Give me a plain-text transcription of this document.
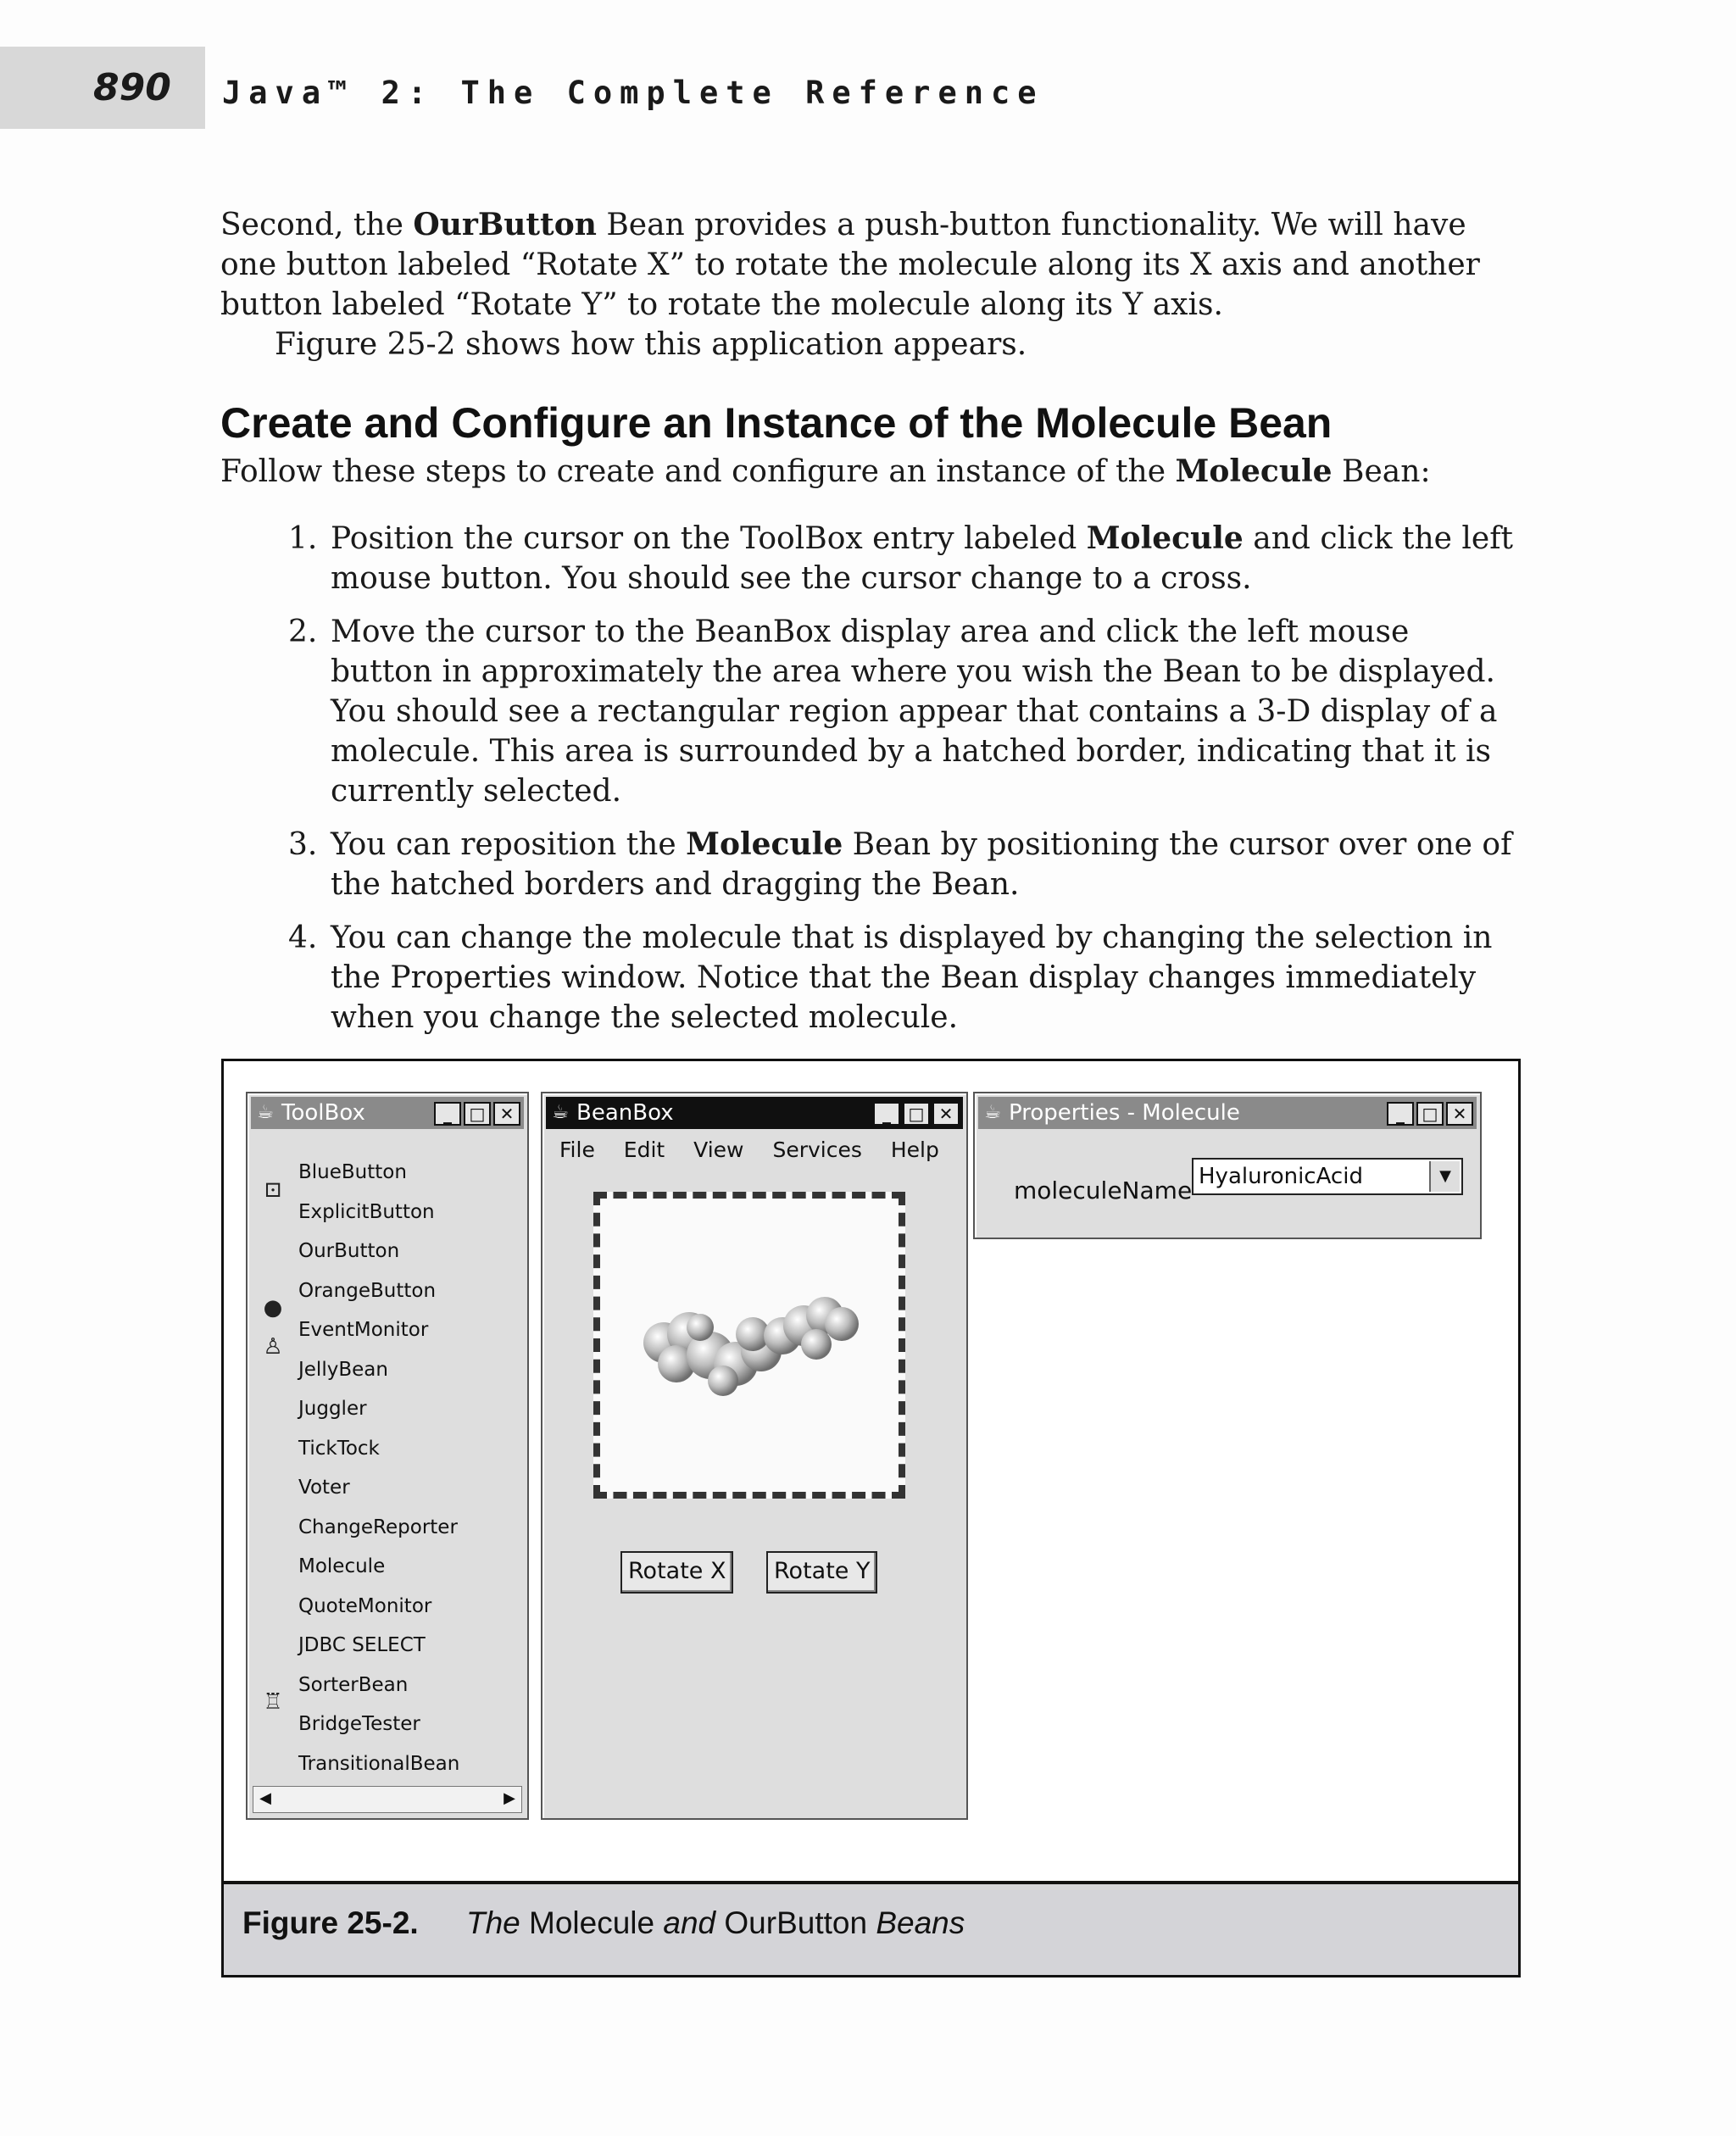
890 Java™ 2: The Complete Reference

Second, the OurButton Bean provides a push-button functionality. We will have one button labeled “Rotate X” to rotate the molecule along its X axis and another button labeled “Rotate Y” to rotate the molecule along its Y axis.

Figure 25-2 shows how this application appears.

Create and Configure an Instance of the Molecule Bean
Follow these steps to create and configure an instance of the Molecule Bean:
1. Position the cursor on the ToolBox entry labeled Molecule and click the left mouse button. You should see the cursor change to a cross.
2. Move the cursor to the BeanBox display area and click the left mouse button in approximately the area where you wish the Bean to be displayed. You should see a rectangular region appear that contains a 3-D display of a molecule. This area is surrounded by a hatched border, indicating that it is currently selected.
3. You can reposition the Molecule Bean by positioning the cursor over one of the hatched borders and dragging the Bean.
4. You can change the molecule that is displayed by changing the selection in the Properties window. Notice that the Bean display changes immediately when you change the selected molecule.
☕ ToolBox	_ □ ✕
⊡
●
♙
♖
BlueButton
ExplicitButton
OurButton
OrangeButton
EventMonitor
JellyBean
Juggler
TickTock
Voter
ChangeReporter
Molecule
QuoteMonitor
JDBC SELECT
SorterBean
BridgeTester
TransitionalBean
◀	▶
☕ BeanBox	_ □ ✕
File Edit View Services Help
Rotate X	Rotate Y
☕ Properties - Molecule	_ □ ✕
moleculeName HyaluronicAcid	▼
Figure 25-2. The Molecule and OurButton Beans
